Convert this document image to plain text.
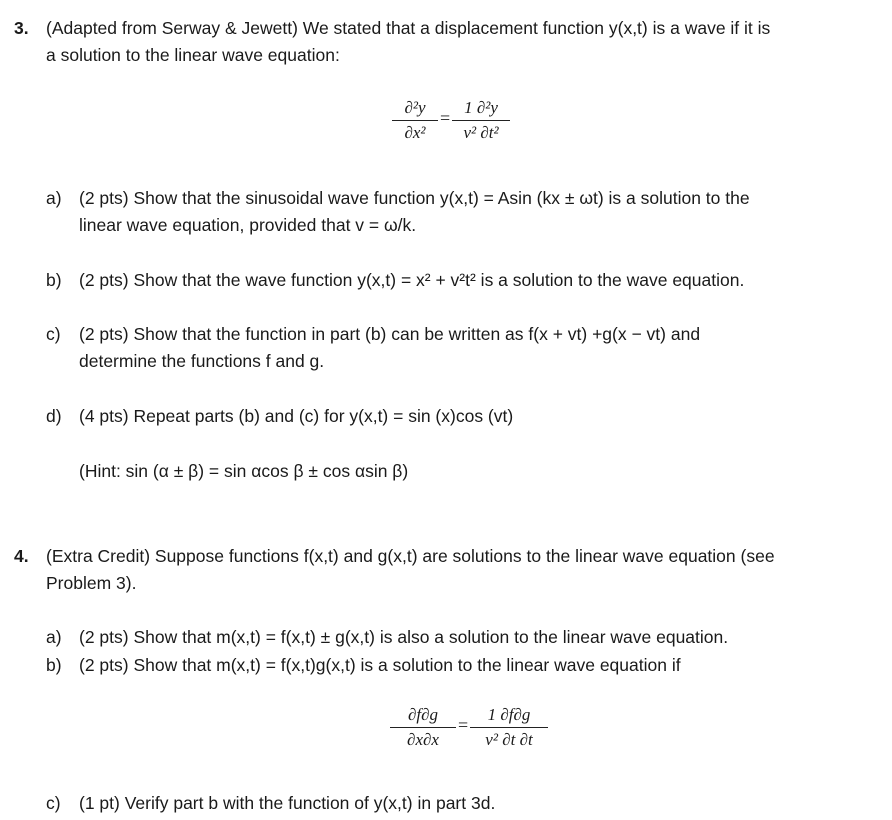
3. (Adapted from Serway & Jewett) We stated that a displacement function y(x,t) is a wave if it is
a solution to the linear wave equation:
∂²y
∂x²
=
1 ∂²y
v² ∂t²
a) (2 pts) Show that the sinusoidal wave function y(x,t) = Asin (kx ± ωt) is a solution to the
linear wave equation, provided that v = ω/k.
b) (2 pts) Show that the wave function y(x,t) = x² + v²t² is a solution to the wave equation.
c) (2 pts) Show that the function in part (b) can be written as f(x + vt) +g(x − vt) and
determine the functions f and g.
d) (4 pts) Repeat parts (b) and (c) for y(x,t) = sin (x)cos (vt)
(Hint: sin (α ± β) = sin αcos β ± cos αsin β)
4. (Extra Credit) Suppose functions f(x,t) and g(x,t) are solutions to the linear wave equation (see
Problem 3).
a) (2 pts) Show that m(x,t) = f(x,t) ± g(x,t) is also a solution to the linear wave equation.
b) (2 pts) Show that m(x,t) = f(x,t)g(x,t) is a solution to the linear wave equation if
∂f∂g
∂x∂x
=
1 ∂f∂g
v² ∂t ∂t
c) (1 pt) Verify part b with the function of y(x,t) in part 3d.
